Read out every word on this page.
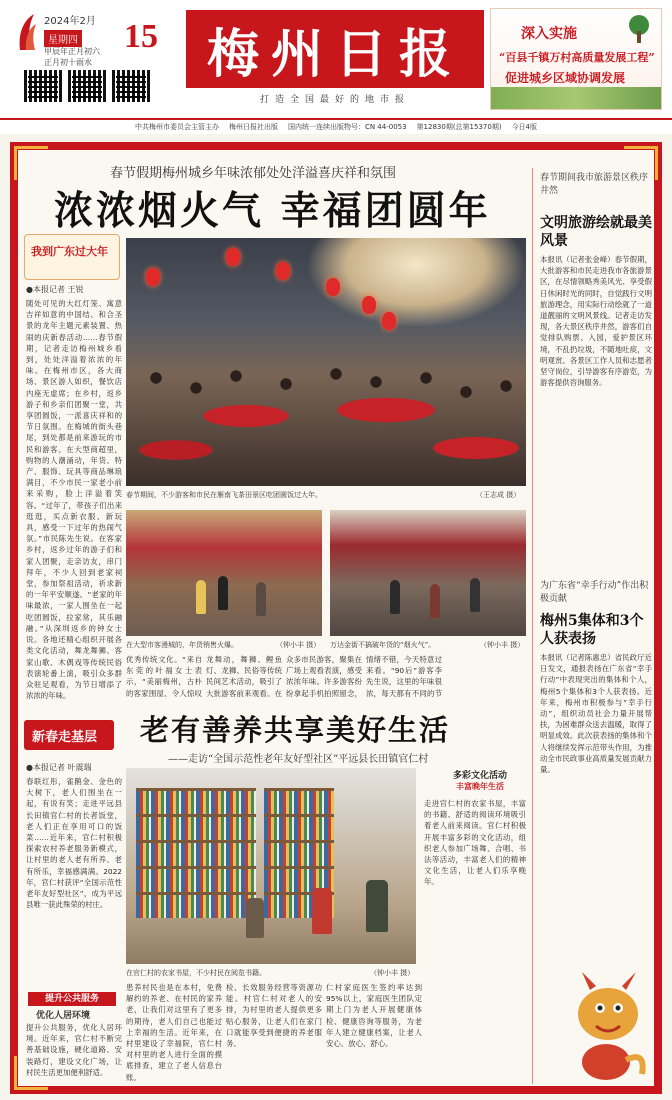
2024年2月
星期四
甲辰年正月初六
正月初十雨水
15 梅州日报
打造全国最好的地市报
深入实施
“百县千镇万村高质量发展工程”
促进城乡区域协调发展
中共梅州市委员会主管主办 梅州日报社出版 国内统一连续出版物号：CN 44-0053 第12830期(总第15370期) 今日4版
春节假期梅州城乡年味浓郁处处洋溢喜庆祥和氛围
浓浓烟火气 幸福团圆年
我到广东过大年
●本报记者 王锐
随处可见的大红灯笼、寓意吉祥如意的中国结、和合圣景的龙年主题元素装置、热闹的庆新春活动……春节假期，记者走访梅州城乡看到，处处洋溢着浓浓的年味。在梅州市区，各大商场、景区游人如织，餐饮店内座无虚席；在乡村，返乡游子和乡亲们团聚一堂，共享团圆饭，一派喜庆祥和的节日氛围。在梅城的街头巷尾，到处都是前来游玩的市民和游客。在大型商超里，购物的人潮涌动，年货、特产、服饰、玩具等商品琳琅满目，不少市民一家老小前来采购，脸上洋溢着笑容。“过年了，带孩子们出来逛逛，买点新衣服、新玩具，感受一下过年的热闹气氛。”市民陈先生说。在客家乡村，返乡过年的游子们和家人团聚，走亲访友，串门拜年，不少人回到老家祠堂，参加祭祖活动，祈求新的一年平安顺遂。“老家的年味最浓，一家人围坐在一起吃团圆饭，拉家常，其乐融融。”从深圳返乡的钟女士说。各地还精心组织开展各类文化活动，舞龙舞狮、客家山歌、木偶戏等传统民俗表演轮番上演，吸引众多群众驻足观看，为节日增添了浓浓的年味。
春节期间，不少游客和市民在雁南飞茶田景区吃团圆饭过大年。	（王志成 摄）
在大型市客漫城的，年货销售火爆。	（钟小丰 摄） 万达金街不搞破年货的“烟火气”。	（钟小丰 摄）
优秀传统文化。“来自东莞的叶福女士表示，“美丽梅州，古朴的客家围屋、令人惊叹
龙舞动，舞狮、鲤鱼灯、龙狮、民俗等传统民间艺术活动，吸引了大批游客前来观看。在
众多市民游客，聚集在广场上观看表演，感受浓浓年味。许多游客纷纷拿起手机拍照留念，
情绪不错，今天特意过来看。“90后”游客李先生说，这里的年味很浓，每天都有不同的节
新春走基层 老有善养共享美好生活
——走访“全国示范性老年友好型社区”平远县长田镇官仁村
●本报记者 叶震瑞
春联红彤，雀鹅金、金色的大树下，老人们围坐在一起，有说有笑；走进平远县长田镇官仁村的长者饭堂，老人们正在享用可口的饭菜……近年来，官仁村积极探索农村养老服务新模式，让村里的老人老有所养、老有所乐，幸福感满满。2022年，官仁村获评“全国示范性老年友好型社区”，成为平远县唯一获此殊荣的村庄。
在官仁村的农家书屋，不少村民在阅览书籍。	（钟小丰 摄）
多彩文化活动
丰富晚年生活
走进官仁村的农家书屋，丰富的书籍、舒适的阅读环境吸引着老人前来阅读。官仁村积极开展丰富多彩的文化活动，组织老人参加广场舞、合唱、书法等活动，丰富老人们的精神文化生活，让老人们乐享晚年。
患养村民也是在本村，免费解约的养老、在村民的家养老，让我们对这里有了更多的期待，老人们自己也能过上幸福的生活。近年来，在村里建设了幸福院，官仁村对村里的老人进行全面的摸底排查，建立了老人信息台账。
检、长效服务经营等资源功能。村官仁村对老人的安排，为村里的老人提供更多贴心服务，让老人们在家门口就能享受到便捷的养老服务。
仁村家庭医生签约率达到95%以上，家庭医生团队定期上门为老人开展健康体检、健康咨询等服务，为老年人建立健康档案，让老人安心、放心、舒心。
提升公共服务
优化人居环境
提升公共服务，优化人居环境。近年来，官仁村不断完善基础设施，硬化道路、安装路灯，建设文化广场，让村民生活更加便利舒适。
春节期间我市旅游景区秩序井然
文明旅游绘就最美风景
本报讯（记者张金峰）春节假期，大批游客和市民走进我市各旅游景区，在尽情领略秀美风光、享受假日休闲时光的同时，自觉践行文明旅游理念，用实际行动绘就了一道道靓丽的文明风景线。记者走访发现，各大景区秩序井然，游客们自觉排队购票、入园，爱护景区环境，不乱扔垃圾，不随地吐痰，文明观赏。各景区工作人员和志愿者坚守岗位，引导游客有序游览，为游客提供咨询服务。
为广东省“幸手行动”作出积极贡献
梅州5集体和3个人获表扬
本报讯（记者陈惠忠）省民政厅近日发文，通报表扬在广东省“幸手行动”中表现突出的集体和个人，梅州5个集体和3个人获表扬。近年来，梅州市积极参与“幸手行动”，组织动员社会力量开展帮扶，为困难群众送去温暖，取得了明显成效。此次获表扬的集体和个人将继续发挥示范带头作用，为推动全市民政事业高质量发展贡献力量。
